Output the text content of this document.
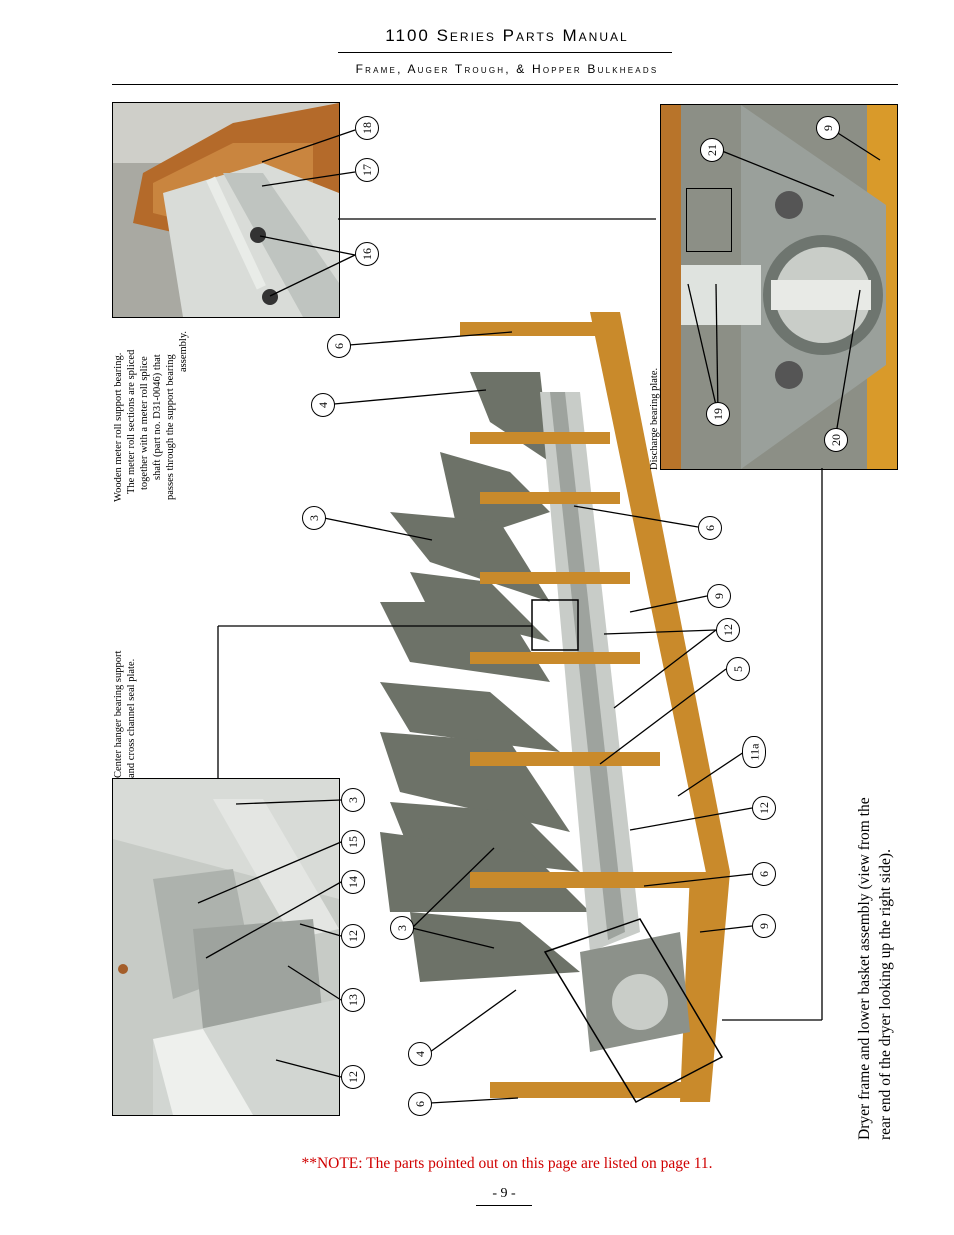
1100 Series Parts Manual
Frame, Auger Trough, & Hopper Bulkheads
18
17
16
9
21
19
20
6
4
3
6
9
12
5
11a
12
6
9
3
4
6
3
15
14
12
13
12
Wooden meter roll support bearing. The meter roll sections are spliced together with a meter roll splice shaft (part no. D31-0046) that passes through the support bearing
assembly.
Center hanger bearing support and cross channel seal plate.
Discharge bearing plate.
Dryer frame and lower basket assembly (view from the rear end of the dryer looking up the right side).
**NOTE: The parts pointed out on this page are listed on page 11.
- 9 -
